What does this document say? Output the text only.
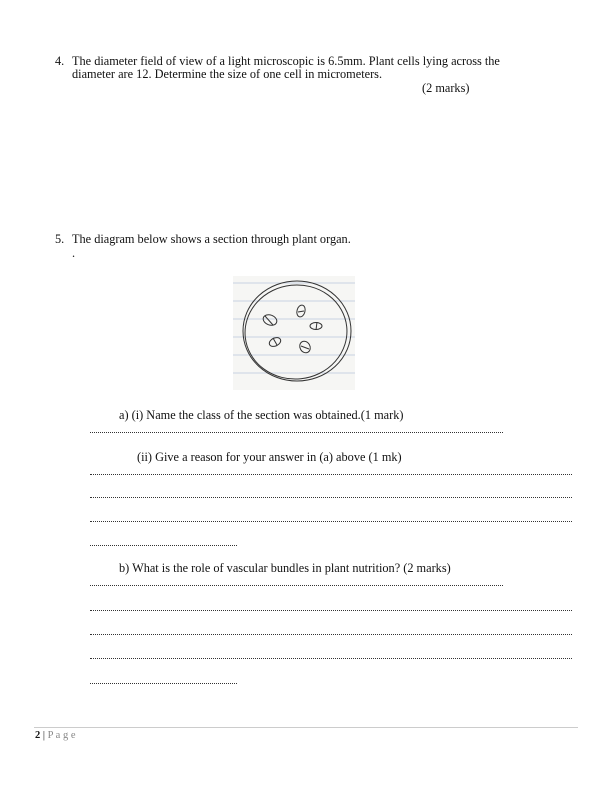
4. The diameter field of view of a light microscopic is 6.5mm. Plant cells lying across the
diameter are 12. Determine the size of one cell in micrometers.
(2 marks)
5. The diagram below shows a section through plant organ.
.
a) (i) Name the class of the section was obtained.(1 mark)
(ii) Give a reason for your answer in (a) above (1 mk)
b) What is the role of vascular bundles in plant nutrition? (2 marks)
2 | P a g e
